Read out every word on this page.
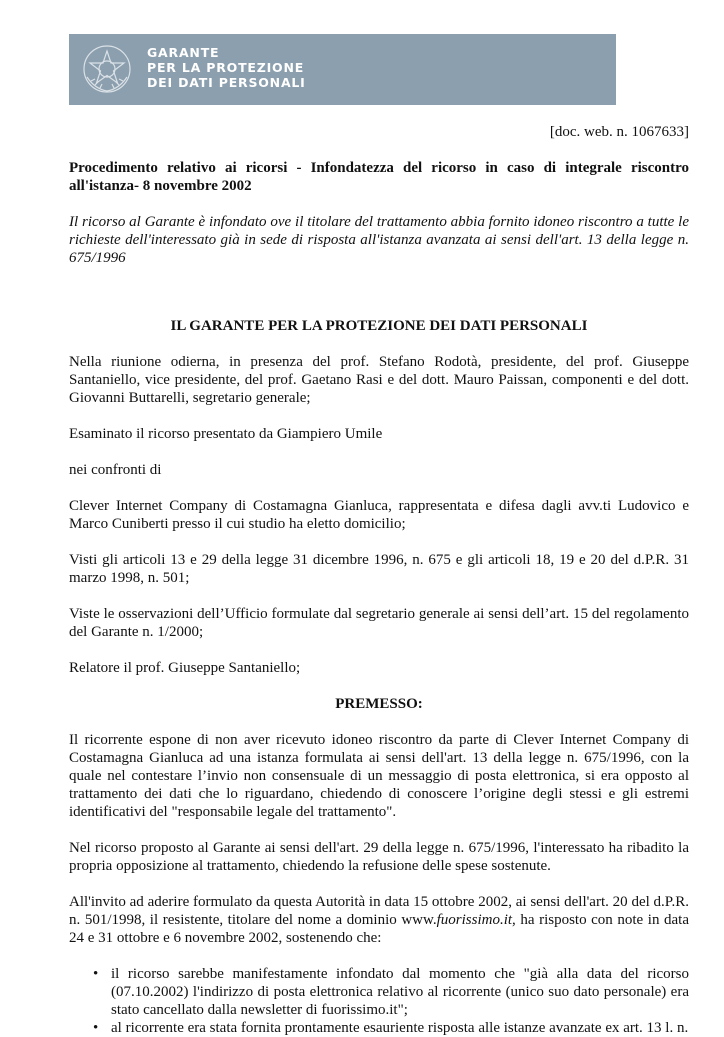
GARANTE
PER LA PROTEZIONE
DEI DATI PERSONALI
[doc. web. n. 1067633]
Procedimento relativo ai ricorsi - Infondatezza del ricorso in caso di integrale riscontro all'istanza- 8 novembre 2002
Il ricorso al Garante è infondato ove il titolare del trattamento abbia fornito idoneo riscontro a tutte le richieste dell'interessato già in sede di risposta all'istanza avanzata ai sensi dell'art. 13 della legge n. 675/1996
IL GARANTE PER LA PROTEZIONE DEI DATI PERSONALI

Nella riunione odierna, in presenza del prof. Stefano Rodotà, presidente, del prof. Giuseppe Santaniello, vice presidente, del prof. Gaetano Rasi e del dott. Mauro Paissan, componenti e del dott. Giovanni Buttarelli, segretario generale;

Esaminato il ricorso presentato da Giampiero Umile

nei confronti di

Clever Internet Company di Costamagna Gianluca, rappresentata e difesa dagli avv.ti Ludovico e Marco Cuniberti presso il cui studio ha eletto domicilio;

Visti gli articoli 13 e 29 della legge 31 dicembre 1996, n. 675 e gli articoli 18, 19 e 20 del d.P.R. 31 marzo 1998, n. 501;

Viste le osservazioni dell’Ufficio formulate dal segretario generale ai sensi dell’art. 15 del regolamento del Garante n. 1/2000;

Relatore il prof. Giuseppe Santaniello;

PREMESSO:

Il ricorrente espone di non aver ricevuto idoneo riscontro da parte di Clever Internet Company di Costamagna Gianluca ad una istanza formulata ai sensi dell'art. 13 della legge n. 675/1996, con la quale nel contestare l’invio non consensuale di un messaggio di posta elettronica, si era opposto al trattamento dei dati che lo riguardano, chiedendo di conoscere l’origine degli stessi e gli estremi identificativi del "responsabile legale del trattamento".

Nel ricorso proposto al Garante ai sensi dell'art. 29 della legge n. 675/1996, l'interessato ha ribadito la propria opposizione al trattamento, chiedendo la refusione delle spese sostenute.

All'invito ad aderire formulato da questa Autorità in data 15 ottobre 2002, ai sensi dell'art. 20 del d.P.R. n. 501/1998, il resistente, titolare del nome a dominio www.fuorissimo.it, ha risposto con note in data 24 e 31 ottobre e 6 novembre 2002, sostenendo che:

• il ricorso sarebbe manifestamente infondato dal momento che "già alla data del ricorso (07.10.2002) l'indirizzo di posta elettronica relativo al ricorrente (unico suo dato personale) era stato cancellato dalla newsletter di fuorissimo.it";
• al ricorrente era stata fornita prontamente esauriente risposta alle istanze avanzate ex art. 13 l. n.
